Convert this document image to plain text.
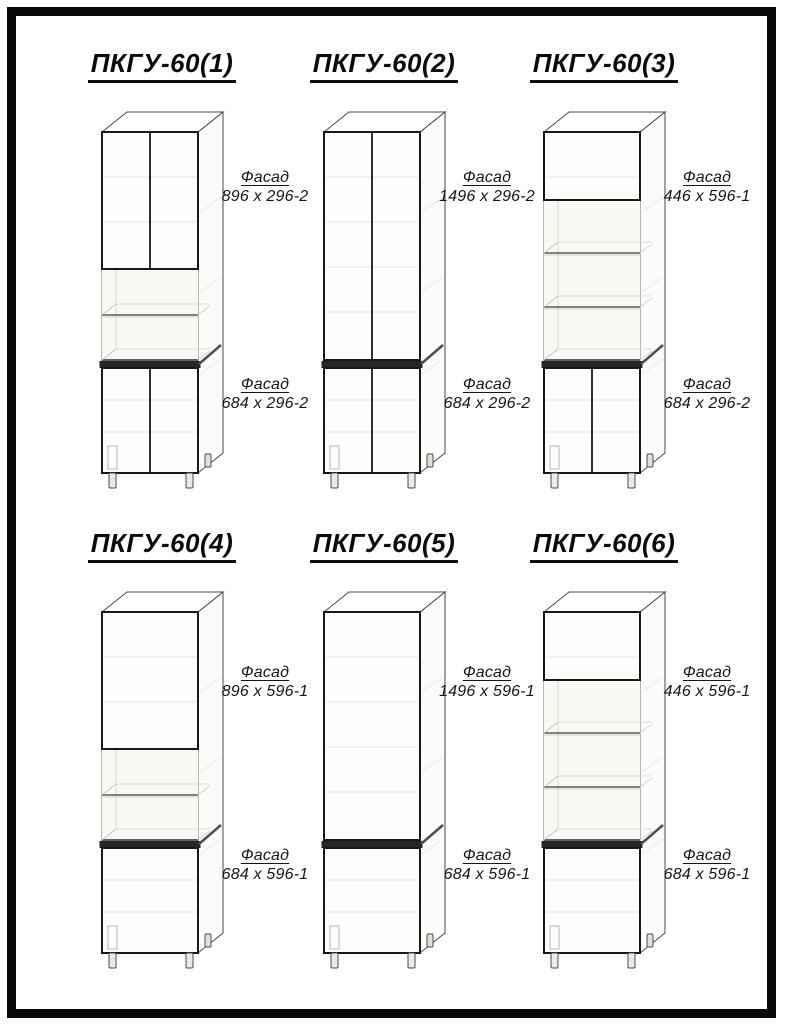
ПКГУ-60(1)
Фасад
896 x 296-2
Фасад
684 x 296-2
ПКГУ-60(2)
Фасад
1496 x 296-2
Фасад
684 x 296-2
ПКГУ-60(3)
Фасад
446 x 596-1
Фасад
684 x 296-2
ПКГУ-60(4)
Фасад
896 x 596-1
Фасад
684 x 596-1
ПКГУ-60(5)
Фасад
1496 x 596-1
Фасад
684 x 596-1
ПКГУ-60(6)
Фасад
446 x 596-1
Фасад
684 x 596-1
